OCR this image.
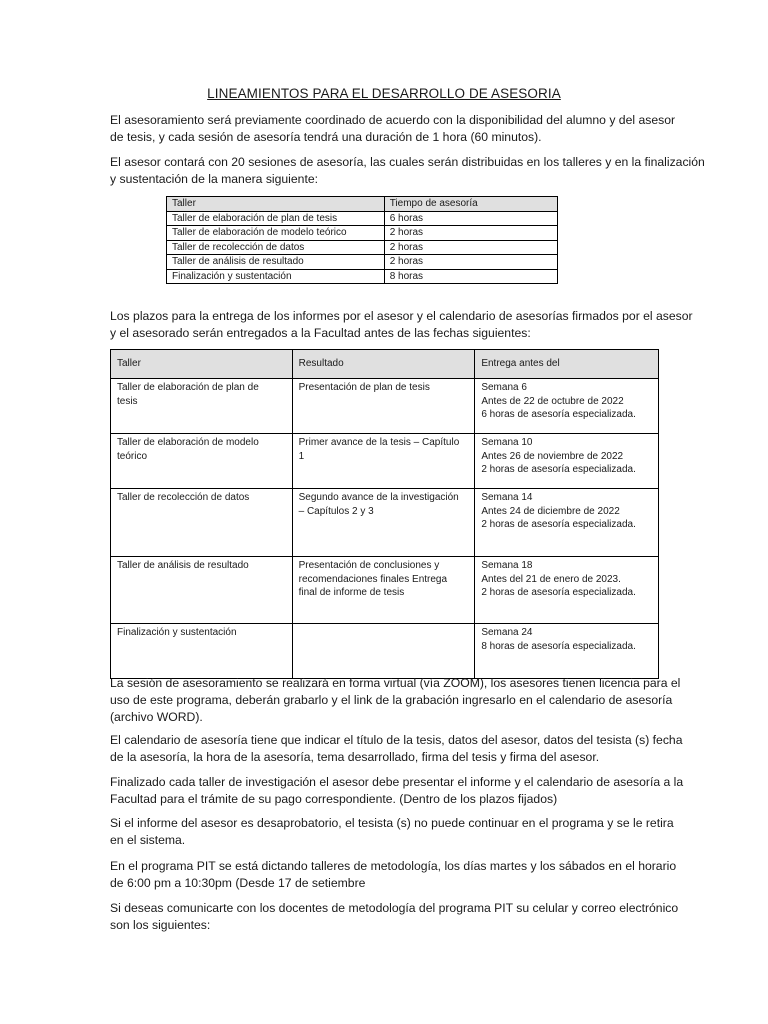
LINEAMIENTOS PARA EL DESARROLLO DE ASESORIA

El asesoramiento será previamente coordinado de acuerdo con la disponibilidad del alumno y del asesor
de tesis, y cada sesión de asesoría tendrá una duración de 1 hora (60 minutos).

El asesor contará con 20 sesiones de asesoría, las cuales serán distribuidas en los talleres y en la finalización
y sustentación de la manera siguiente:

Taller	Tiempo de asesoría
Taller de elaboración de plan de tesis	6 horas
Taller de elaboración de modelo teórico	2 horas
Taller de recolección de datos	2 horas
Taller de análisis de resultado	2 horas
Finalización y sustentación	8 horas

Los plazos para la entrega de los informes por el asesor y el calendario de asesorías firmados por el asesor
y el asesorado serán entregados a la Facultad antes de las fechas siguientes:

Taller	Resultado	Entrega antes del

Taller de elaboración de plan de
tesis	Presentación de plan de tesis	Semana 6
Antes de 22 de octubre de 2022
6 horas de asesoría especializada.

Taller de elaboración de modelo
teórico	Primer avance de la tesis – Capítulo
1	Semana 10
Antes 26 de noviembre de 2022
2 horas de asesoría especializada.

Taller de recolección de datos	Segundo avance de la investigación
– Capítulos 2 y 3	Semana 14
Antes 24 de diciembre de 2022
2 horas de asesoría especializada.

Taller de análisis de resultado	Presentación de conclusiones y
recomendaciones finales Entrega
final de informe de tesis	Semana 18
Antes del 21 de enero de 2023.
2 horas de asesoría especializada.

Finalización y sustentación		Semana 24
8 horas de asesoría especializada.

La sesión de asesoramiento se realizará en forma virtual (vía ZOOM), los asesores tienen licencia para el
uso de este programa, deberán grabarlo y el link de la grabación ingresarlo en el calendario de asesoría
(archivo WORD).

El calendario de asesoría tiene que indicar el título de la tesis, datos del asesor, datos del tesista (s) fecha
de la asesoría, la hora de la asesoría, tema desarrollado, firma del tesis y firma del asesor.

Finalizado cada taller de investigación el asesor debe presentar el informe y el calendario de asesoría a la
Facultad para el trámite de su pago correspondiente. (Dentro de los plazos fijados)

Si el informe del asesor es desaprobatorio, el tesista (s) no puede continuar en el programa y se le retira
en el sistema.

En el programa PIT se está dictando talleres de metodología, los días martes y los sábados en el horario
de 6:00 pm a 10:30pm (Desde 17 de setiembre

Si deseas comunicarte con los docentes de metodología del programa PIT su celular y correo electrónico
son los siguientes:
